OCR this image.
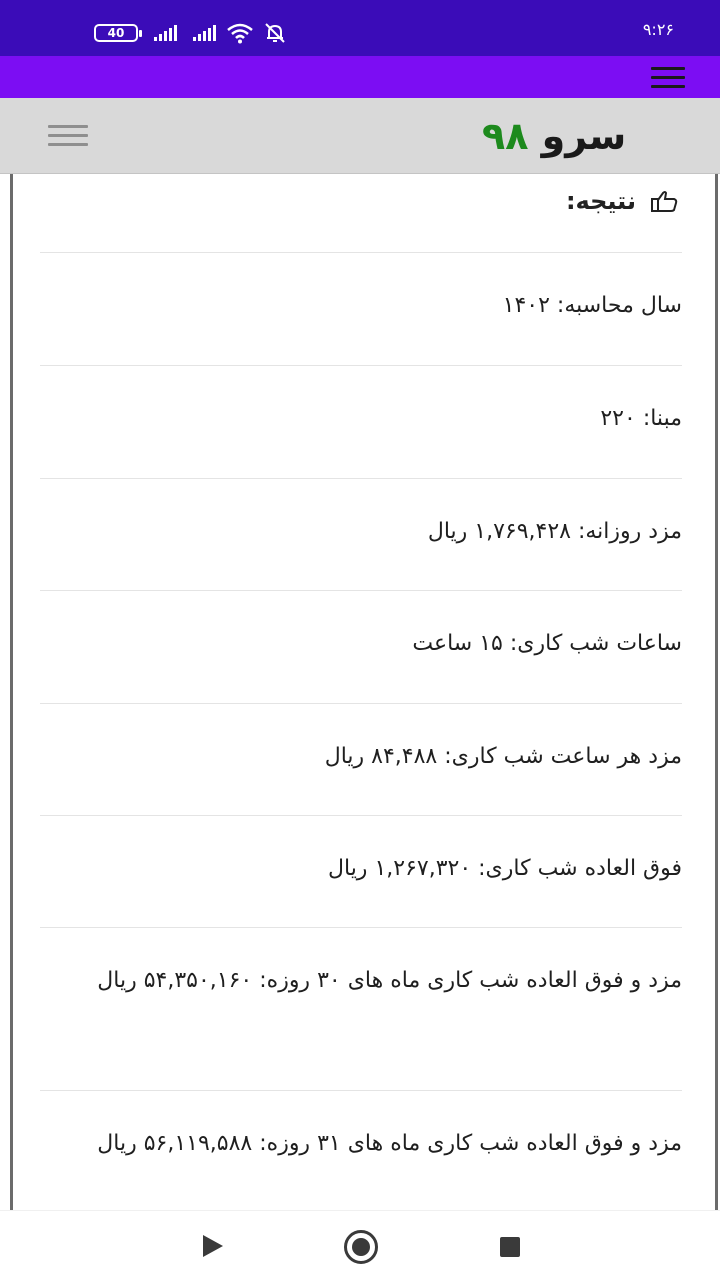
40	۹:۲۶
سرو ۹۸
نتیجه:
سال محاسبه: ۱۴۰۲
مبنا: ۲۲۰
مزد روزانه: ۱,۷۶۹,۴۲۸ ریال
ساعات شب کاری: ۱۵ ساعت
مزد هر ساعت شب کاری: ۸۴,۴۸۸ ریال
فوق العاده شب کاری: ۱,۲۶۷,۳۲۰ ریال
مزد و فوق العاده شب کاری ماه های ۳۰ روزه: ۵۴,۳۵۰,۱۶۰ ریال
مزد و فوق العاده شب کاری ماه های ۳۱ روزه: ۵۶,۱۱۹,۵۸۸ ریال
